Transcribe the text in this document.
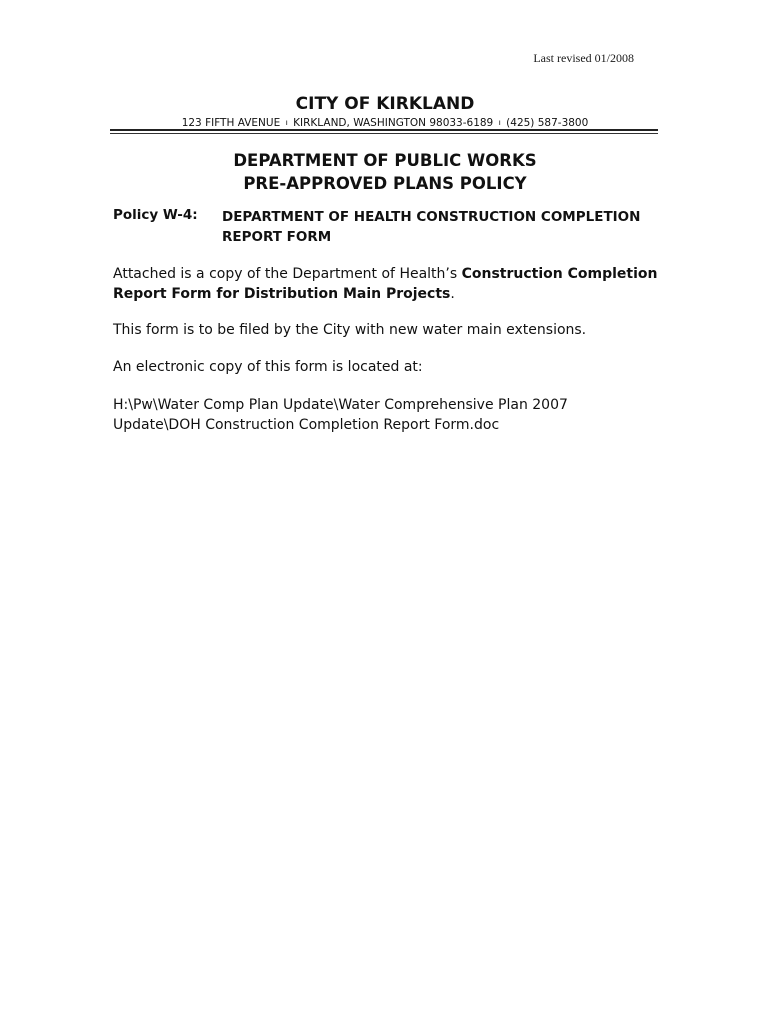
Last revised 01/2008
CITY OF KIRKLAND
123 FIFTH AVENUE ı KIRKLAND, WASHINGTON 98033-6189 ı (425) 587-3800
DEPARTMENT OF PUBLIC WORKS
PRE-APPROVED PLANS POLICY
Policy W-4: DEPARTMENT OF HEALTH CONSTRUCTION COMPLETION REPORT FORM
Attached is a copy of the Department of Health’s Construction Completion Report Form for Distribution Main Projects.
This form is to be filed by the City with new water main extensions.
An electronic copy of this form is located at:
H:\Pw\Water Comp Plan Update\Water Comprehensive Plan 2007 Update\DOH Construction Completion Report Form.doc
